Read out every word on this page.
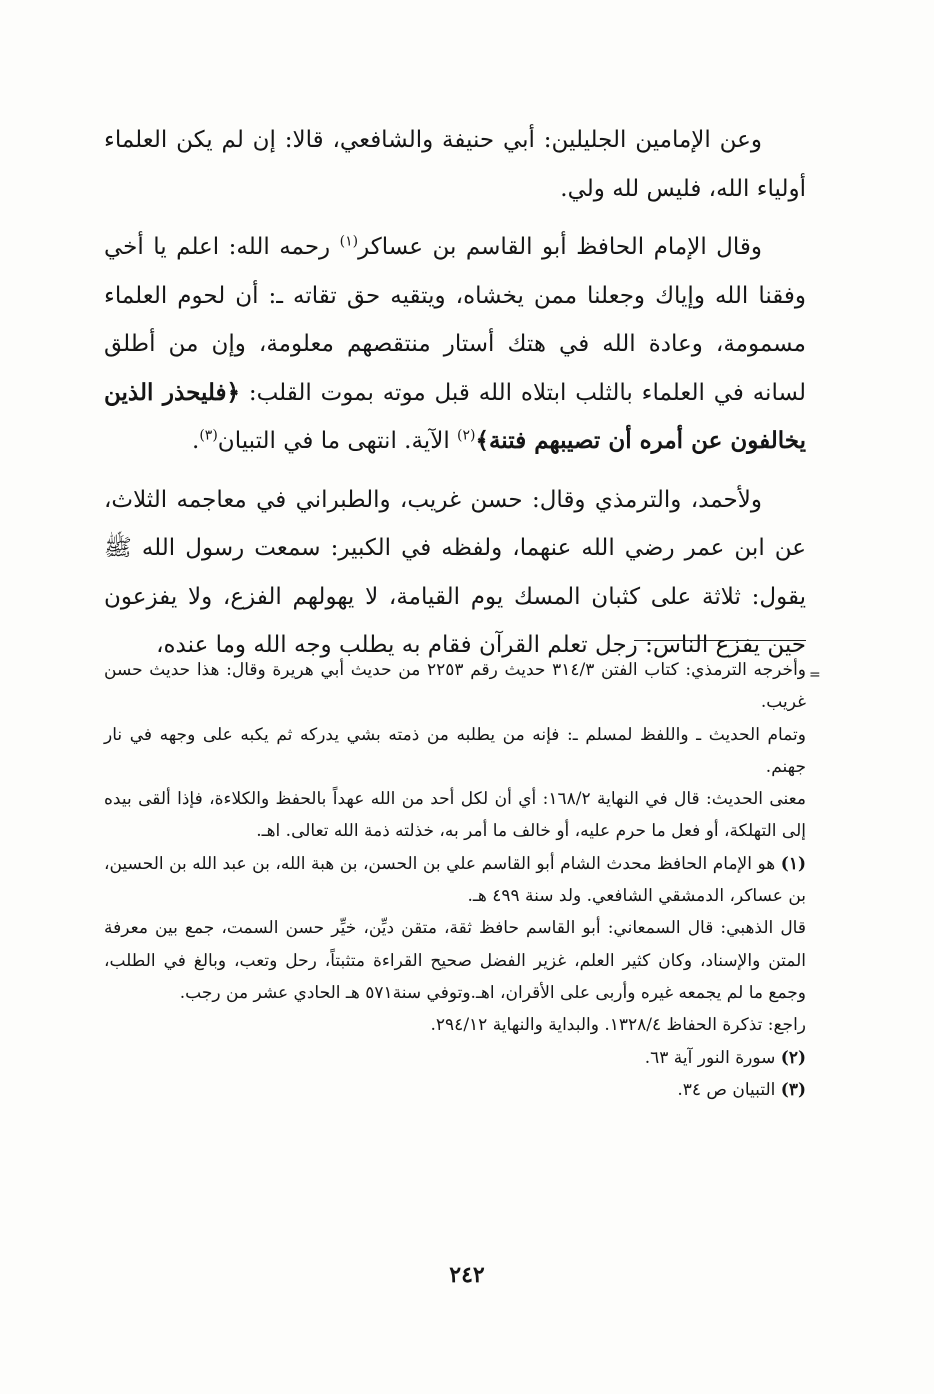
وعن الإمامين الجليلين: أبي حنيفة والشافعي، قالا: إن لم يكن العلماء أولياء الله، فليس لله ولي.

وقال الإمام الحافظ أبو القاسم بن عساكر$^{(١)}$ رحمه الله: اعلم يا أخي وفقنا الله وإياك وجعلنا ممن يخشاه، ويتقيه حق تقاته ـ: أن لحوم العلماء مسمومة، وعادة الله في هتك أستار منتقصهم معلومة، وإن من أطلق لسانه في العلماء بالثلب ابتلاه الله قبل موته بموت القلب: ﴿فليحذر الذين يخالفون عن أمره أن تصيبهم فتنة﴾$^{(٢)}$ الآية. انتهى ما في التبيان$^{(٣)}$.

ولأحمد، والترمذي وقال: حسن غريب، والطبراني في معاجمه الثلاث، عن ابن عمر رضي الله عنهما، ولفظه في الكبير: سمعت رسول الله ﷺ يقول: ثلاثة على كثبان المسك يوم القيامة، لا يهولهم الفزع، ولا يفزعون حين يفزع الناس: رجل تعلم القرآن فقام به يطلب وجه الله وما عنده،

=

وأخرجه الترمذي: كتاب الفتن ٣١٤/٣ حديث رقم ٢٢٥٣ من حديث أبي هريرة وقال: هذا حديث حسن غريب.

وتمام الحديث ـ واللفظ لمسلم ـ: فإنه من يطلبه من ذمته بشي يدركه ثم يكبه على وجهه في نار جهنم.

معنى الحديث: قال في النهاية ١٦٨/٢: أي أن لكل أحد من الله عهداً بالحفظ والكلاءة، فإذا ألقى بيده إلى التهلكة، أو فعل ما حرم عليه، أو خالف ما أمر به، خذلته ذمة الله تعالى. اهـ.

(١) هو الإمام الحافظ محدث الشام أبو القاسم علي بن الحسن، بن هبة الله، بن عبد الله بن الحسين، بن عساكر، الدمشقي الشافعي. ولد سنة ٤٩٩ هـ.

قال الذهبي: قال السمعاني: أبو القاسم حافظ ثقة، متقن ديِّن، خيِّر حسن السمت، جمع بين معرفة المتن والإسناد، وكان كثير العلم، غزير الفضل صحيح القراءة متثبتاً، رحل وتعب، وبالغ في الطلب، وجمع ما لم يجمعه غيره وأربى على الأقران، اهـ.وتوفي سنة٥٧١ هـ الحادي عشر من رجب.

راجع: تذكرة الحفاظ ١٣٢٨/٤. والبداية والنهاية ٢٩٤/١٢.

(٢) سورة النور آية ٦٣.

(٣) التبيان ص ٣٤.

٢٤٢
